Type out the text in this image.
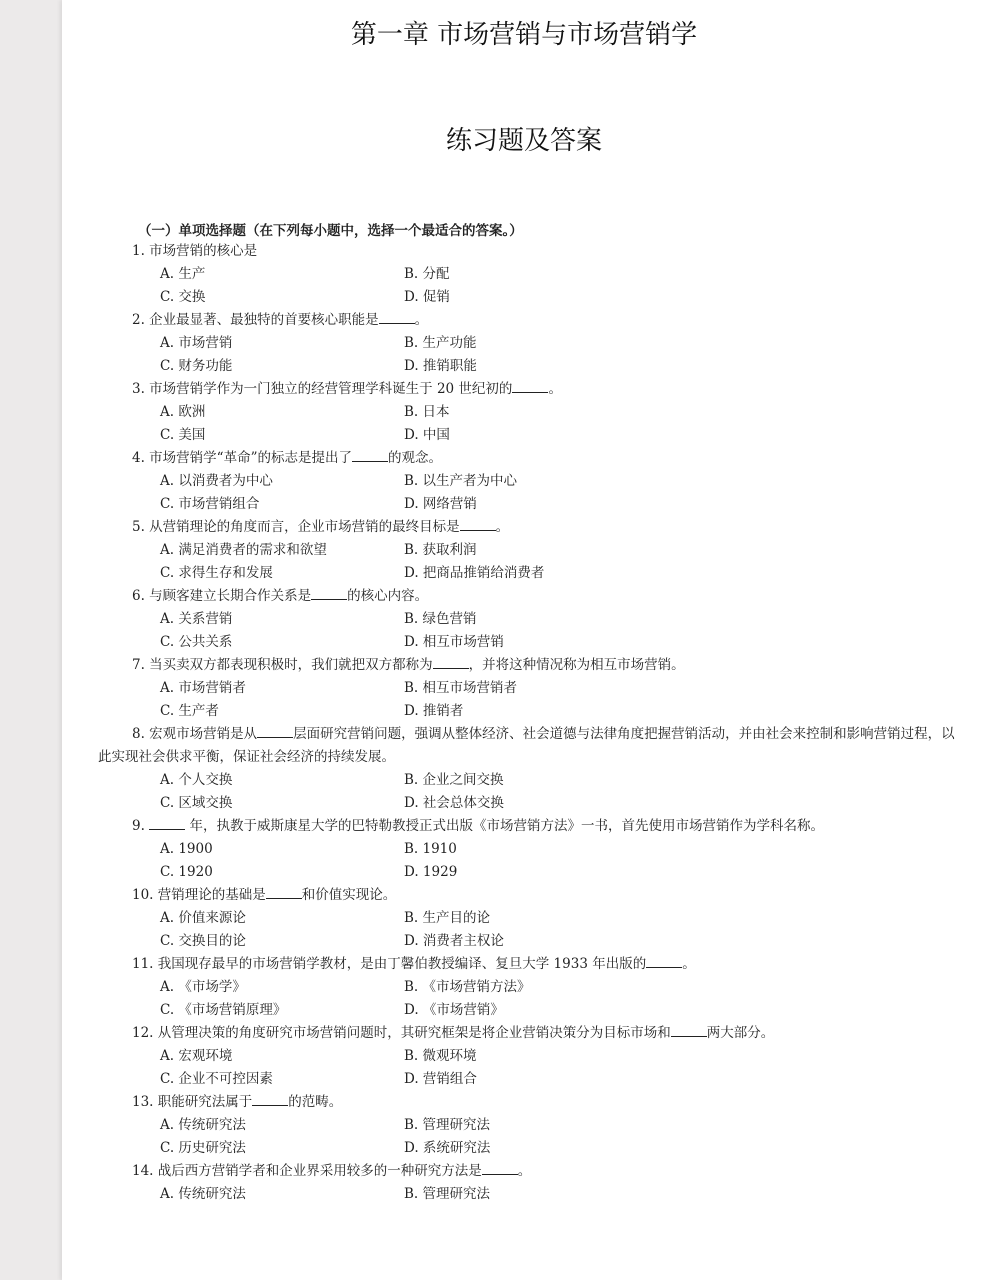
第一章 市场营销与市场营销学
练习题及答案
（一）单项选择题（在下列每小题中，选择一个最适合的答案。）
1. 市场营销的核心是
A. 生产	B. 分配
C. 交换	D. 促销
2. 企业最显著、最独特的首要核心职能是	。
A. 市场营销	B. 生产功能
C. 财务功能	D. 推销职能
3. 市场营销学作为一门独立的经营管理学科诞生于 20 世纪初的	。
A. 欧洲	B. 日本
C. 美国	D. 中国
4. 市场营销学“革命”的标志是提出了	的观念。
A. 以消费者为中心	B. 以生产者为中心
C. 市场营销组合	D. 网络营销
5. 从营销理论的角度而言，企业市场营销的最终目标是	。
A. 满足消费者的需求和欲望	B. 获取利润
C. 求得生存和发展	D. 把商品推销给消费者
6. 与顾客建立长期合作关系是	的核心内容。
A. 关系营销	B. 绿色营销
C. 公共关系	D. 相互市场营销
7. 当买卖双方都表现积极时，我们就把双方都称为	，并将这种情况称为相互市场营销。
A. 市场营销者	B. 相互市场营销者
C. 生产者	D. 推销者
8. 宏观市场营销是从	层面研究营销问题，强调从整体经济、社会道德与法律角度把握营销活动，并由社会来控制和影响营销过程，以此实现社会供求平衡，保证社会经济的持续发展。
A. 个人交换	B. 企业之间交换
C. 区域交换	D. 社会总体交换
9.	年，执教于威斯康星大学的巴特勒教授正式出版《市场营销方法》一书，首先使用市场营销作为学科名称。
A. 1900	B. 1910
C. 1920	D. 1929
10. 营销理论的基础是	和价值实现论。
A. 价值来源论	B. 生产目的论
C. 交换目的论	D. 消费者主权论
11. 我国现存最早的市场营销学教材，是由丁馨伯教授编译、复旦大学 1933 年出版的	。
A. 《市场学》	B. 《市场营销方法》
C. 《市场营销原理》	D. 《市场营销》
12. 从管理决策的角度研究市场营销问题时，其研究框架是将企业营销决策分为目标市场和	两大部分。
A. 宏观环境	B. 微观环境
C. 企业不可控因素	D. 营销组合
13. 职能研究法属于	的范畴。
A. 传统研究法	B. 管理研究法
C. 历史研究法	D. 系统研究法
14. 战后西方营销学者和企业界采用较多的一种研究方法是	。
A. 传统研究法	B. 管理研究法
